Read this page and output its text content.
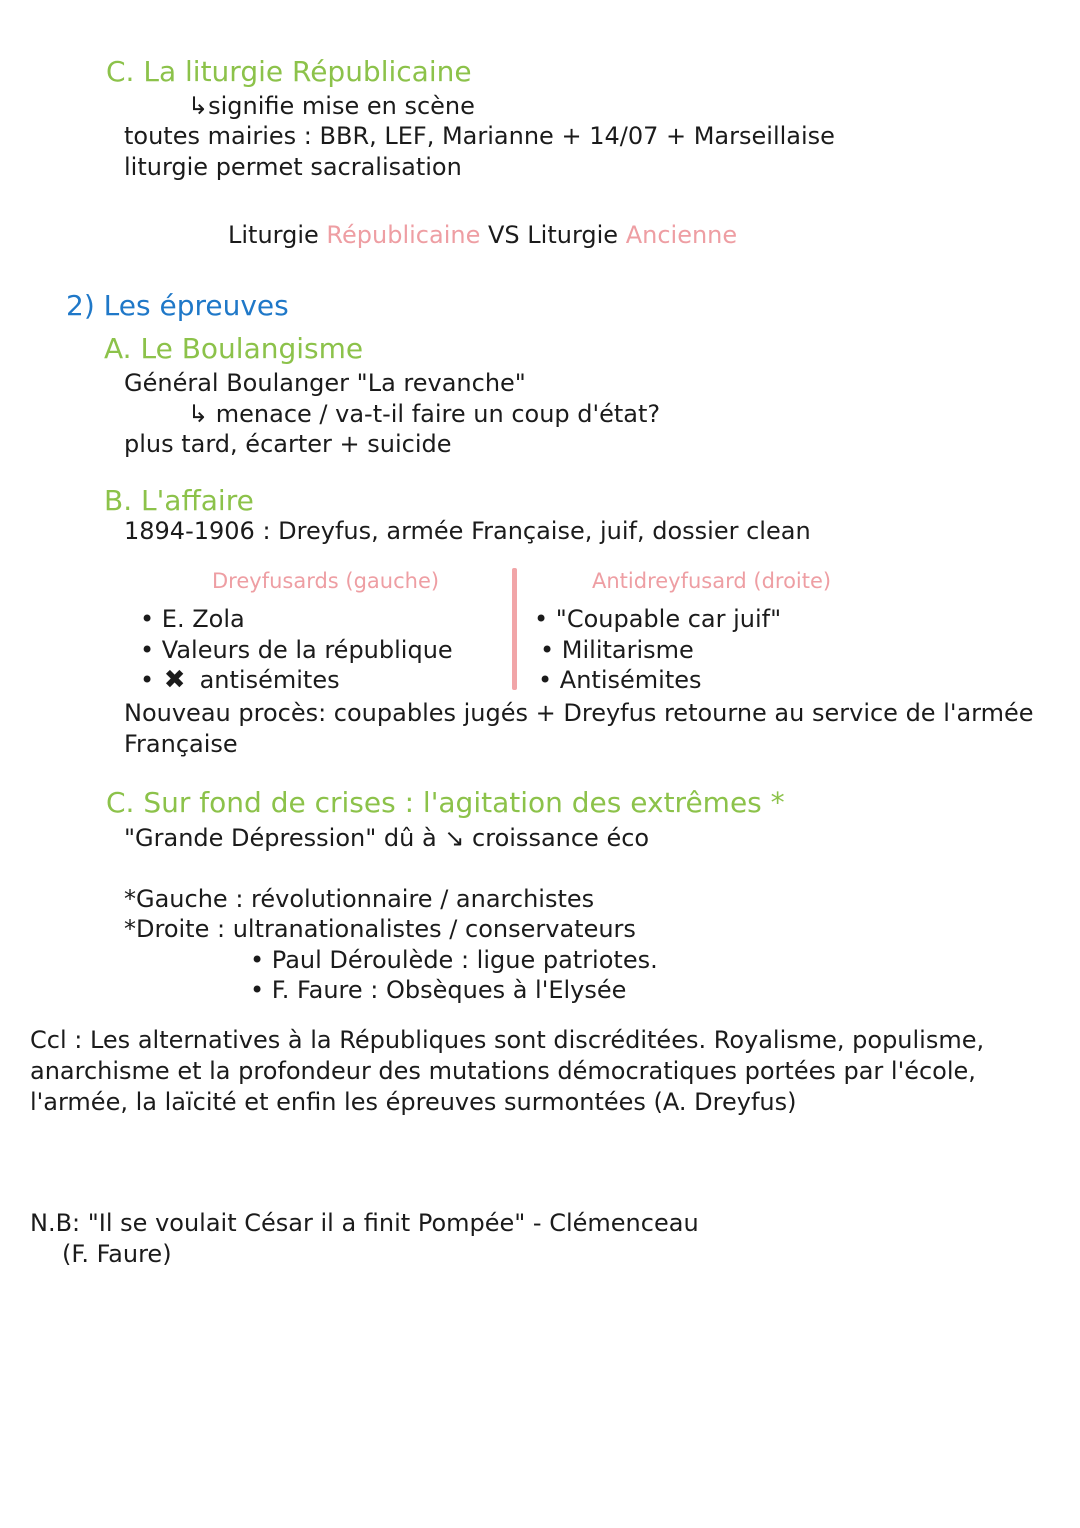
C. La liturgie Républicaine
↳signifie mise en scène
toutes mairies : BBR, LEF, Marianne + 14/07 + Marseillaise
liturgie permet sacralisation
Liturgie Républicaine VS Liturgie Ancienne
2) Les épreuves
A. Le Boulangisme
Général Boulanger "La revanche"
↳ menace / va-t-il faire un coup d'état?
plus tard, écarter + suicide
B. L'affaire
1894-1906 : Dreyfus, armée Française, juif, dossier clean
Dreyfusards (gauche)	Antidreyfusard (droite)
• E. Zola
• Valeurs de la république
• ✖ antisémites
• "Coupable car juif"
• Militarisme
• Antisémites
Nouveau procès: coupables jugés + Dreyfus retourne au service de l'armée
Française
C. Sur fond de crises : l'agitation des extrêmes *
"Grande Dépression" dû à ↘ croissance éco
*Gauche : révolutionnaire / anarchistes
*Droite : ultranationalistes / conservateurs
• Paul Déroulède : ligue patriotes.
• F. Faure : Obsèques à l'Elysée
Ccl : Les alternatives à la Républiques sont discréditées. Royalisme, populisme,
anarchisme et la profondeur des mutations démocratiques portées par l'école,
l'armée, la laïcité et enfin les épreuves surmontées (A. Dreyfus)
N.B: "Il se voulait César il a finit Pompée" - Clémenceau
(F. Faure)
